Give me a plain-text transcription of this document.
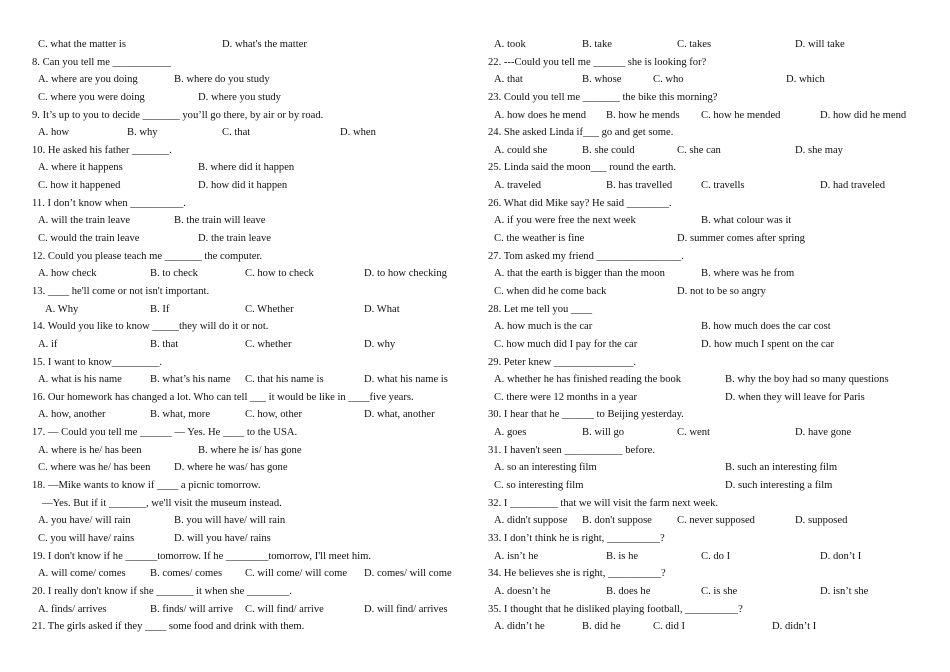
C. what the matter is	D. what's the matter
8. Can you tell me ___________
A. where are you doing	B. where do you study
C. where you were doing	D. where you study
9. It’s up to you to decide _______ you’ll go there, by air or by road.
A. how	B. why	C. that	D. when
10. He asked his father _______.
A. where it happens	B. where did it happen
C. how it happened	D. how did it happen
11. I don’t know when __________.
A. will the train leave	B. the train will leave
C. would the train leave	D. the train leave
12. Could you please teach me _______ the computer.
A. how check	B. to check	C. how to check	D. to how checking
13. ____ he'll come or not isn't important.
A. Why	B. If	C. Whether	D. What
14. Would you like to know _____they will do it or not.
A. if	B. that	C. whether	D. why
15. I want to know_________.
A. what is his name	B. what’s his name C. that his name is	D. what his name is
16. Our homework has changed a lot. Who can tell ___ it would be like in ____five years.
A. how, another	B. what, more	C. how, other	D. what, another
17. — Could you tell me ______ — Yes. He ____ to the USA.
A. where is he/ has been	B. where he is/ has gone
C. where was he/ has been D. where he was/ has gone
18. —Mike wants to know if ____ a picnic tomorrow.
—Yes. But if it _______, we'll visit the museum instead.
A. you have/ will rain	B. you will have/ will rain
C. you will have/ rains	D. will you have/ rains
19. I don't know if he ______tomorrow. If he ________tomorrow, I'll meet him.
A. will come/ comes B. comes/ comes C. will come/ will come D. comes/ will come
20. I really don't know if she _______ it when she ________.
A. finds/ arrives	B. finds/ will arrive C. will find/ arrive	D. will find/ arrives
21. The girls asked if they ____ some food and drink with them.
A. took	B. take	C. takes	D. will take
22. ---Could you tell me ______ she is looking for?
A. that	B. whose	C. who	D. which
23. Could you tell me _______ the bike this morning?
A. how does he mend B. how he mends C. how he mended	D. how did he mend
24. She asked Linda if___ go and get some.
A. could she	B. she could	C. she can	D. she may
25. Linda said the moon___ round the earth.
A. traveled	B. has travelled	C. travells	D. had traveled
26. What did Mike say? He said ________.
A. if you were free the next week	B. what colour was it
C. the weather is fine	D. summer comes after spring
27. Tom asked my friend ________________.
A. that the earth is bigger than the moon	B. where was he from
C. when did he come back	D. not to be so angry
28. Let me tell you ____
A. how much is the car	B. how much does the car cost
C. how much did I pay for the car	D. how much I spent on the car
29. Peter knew _______________.
A. whether he has finished reading the book	B. why the boy had so many questions
C. there were 12 months in a year	D. when they will leave for Paris
30. I hear that he ______ to Beijing yesterday.
A. goes	B. will go	C. went	D. have gone
31. I haven't seen ___________ before.
A. so an interesting film	B. such an interesting film
C. so interesting film	D. such interesting a film
32. I _________ that we will visit the farm next week.
A. didn't suppose B. don't suppose C. never supposed	D. supposed
33. I don’t think he is right, __________?
A. isn’t he	B. is he	C. do I	D. don’t I
34. He believes she is right, __________?
A. doesn’t he	B. does he	C. is she	D. isn’t she
35. I thought that he disliked playing football, __________?
A. didn’t he	B. did he	C. did I	D. didn’t I
